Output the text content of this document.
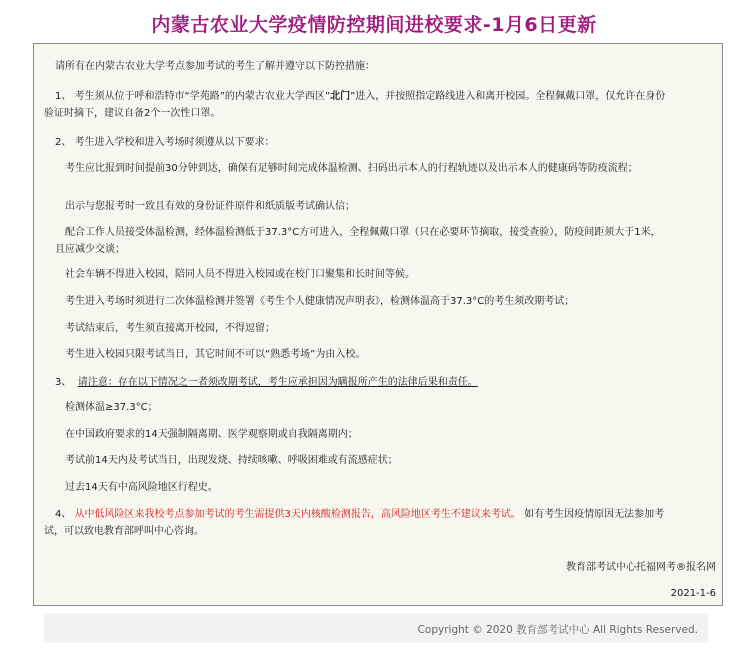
内蒙古农业大学疫情防控期间进校要求-1月6日更新

请所有在内蒙古农业大学考点参加考试的考生了解并遵守以下防控措施：

1、 考生须从位于呼和浩特市“学苑路”的内蒙古农业大学西区”北门”进入，并按照指定路线进入和离开校园。全程佩戴口罩，仅允许在身份

验证时摘下，建议自备2个一次性口罩。

2、 考生进入学校和进入考场时须遵从以下要求：

考生应比报到时间提前30分钟到达，确保有足够时间完成体温检测、扫码出示本人的行程轨迹以及出示本人的健康码等防疫流程；

出示与您报考时一致且有效的身份证件原件和纸质版考试确认信；

配合工作人员接受体温检测，经体温检测低于37.3°C方可进入，全程佩戴口罩（只在必要环节摘取，接受查验），防疫间距须大于1米，

且应减少交谈；

社会车辆不得进入校园，陪同人员不得进入校园或在校门口聚集和长时间等候。

考生进入考场时须进行二次体温检测并签署《考生个人健康情况声明表》，检测体温高于37.3°C的考生须改期考试；

考试结束后，考生须直接离开校园，不得逗留；

考生进入校园只限考试当日，其它时间不可以“熟悉考场”为由入校。

3、 请注意：存在以下情况之一者须改期考试，考生应承担因为瞒报所产生的法律后果和责任。

检测体温≥37.3°C；

在中国政府要求的14天强制隔离期、医学观察期或自我隔离期内；

考试前14天内及考试当日，出现发烧、持续咳嗽、呼吸困难或有流感症状；

过去14天有中高风险地区行程史。

4、 从中低风险区来我校考点参加考试的考生需提供3天内核酸检测报告，高风险地区考生不建议来考试。 如有考生因疫情原因无法参加考

试，可以致电教育部呼叫中心咨询。

教育部考试中心托福网考®报名网

2021-1-6

Copyright © 2020 教育部考试中心 All Rights Reserved.
